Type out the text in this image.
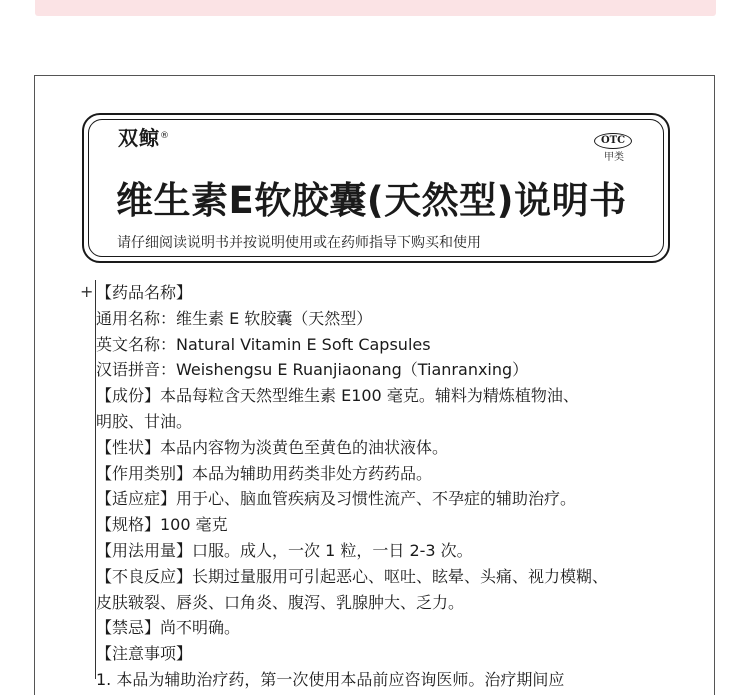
双鲸®	OTC
甲类
维生素E软胶囊(天然型)说明书
请仔细阅读说明书并按说明使用或在药师指导下购买和使用
+ 【药品名称】
通用名称：维生素 E 软胶囊（天然型）
英文名称：Natural Vitamin E Soft Capsules
汉语拼音：Weishengsu E Ruanjiaonang（Tianranxing）
【成份】本品每粒含天然型维生素 E100 毫克。辅料为精炼植物油、
明胶、甘油。
【性状】本品内容物为淡黄色至黄色的油状液体。
【作用类别】本品为辅助用药类非处方药药品。
【适应症】用于心、脑血管疾病及习惯性流产、不孕症的辅助治疗。
【规格】100 毫克
【用法用量】口服。成人，一次 1 粒，一日 2-3 次。
【不良反应】长期过量服用可引起恶心、呕吐、眩晕、头痛、视力模糊、
皮肤皲裂、唇炎、口角炎、腹泻、乳腺肿大、乏力。
【禁忌】尚不明确。
【注意事项】
1. 本品为辅助治疗药，第一次使用本品前应咨询医师。治疗期间应
